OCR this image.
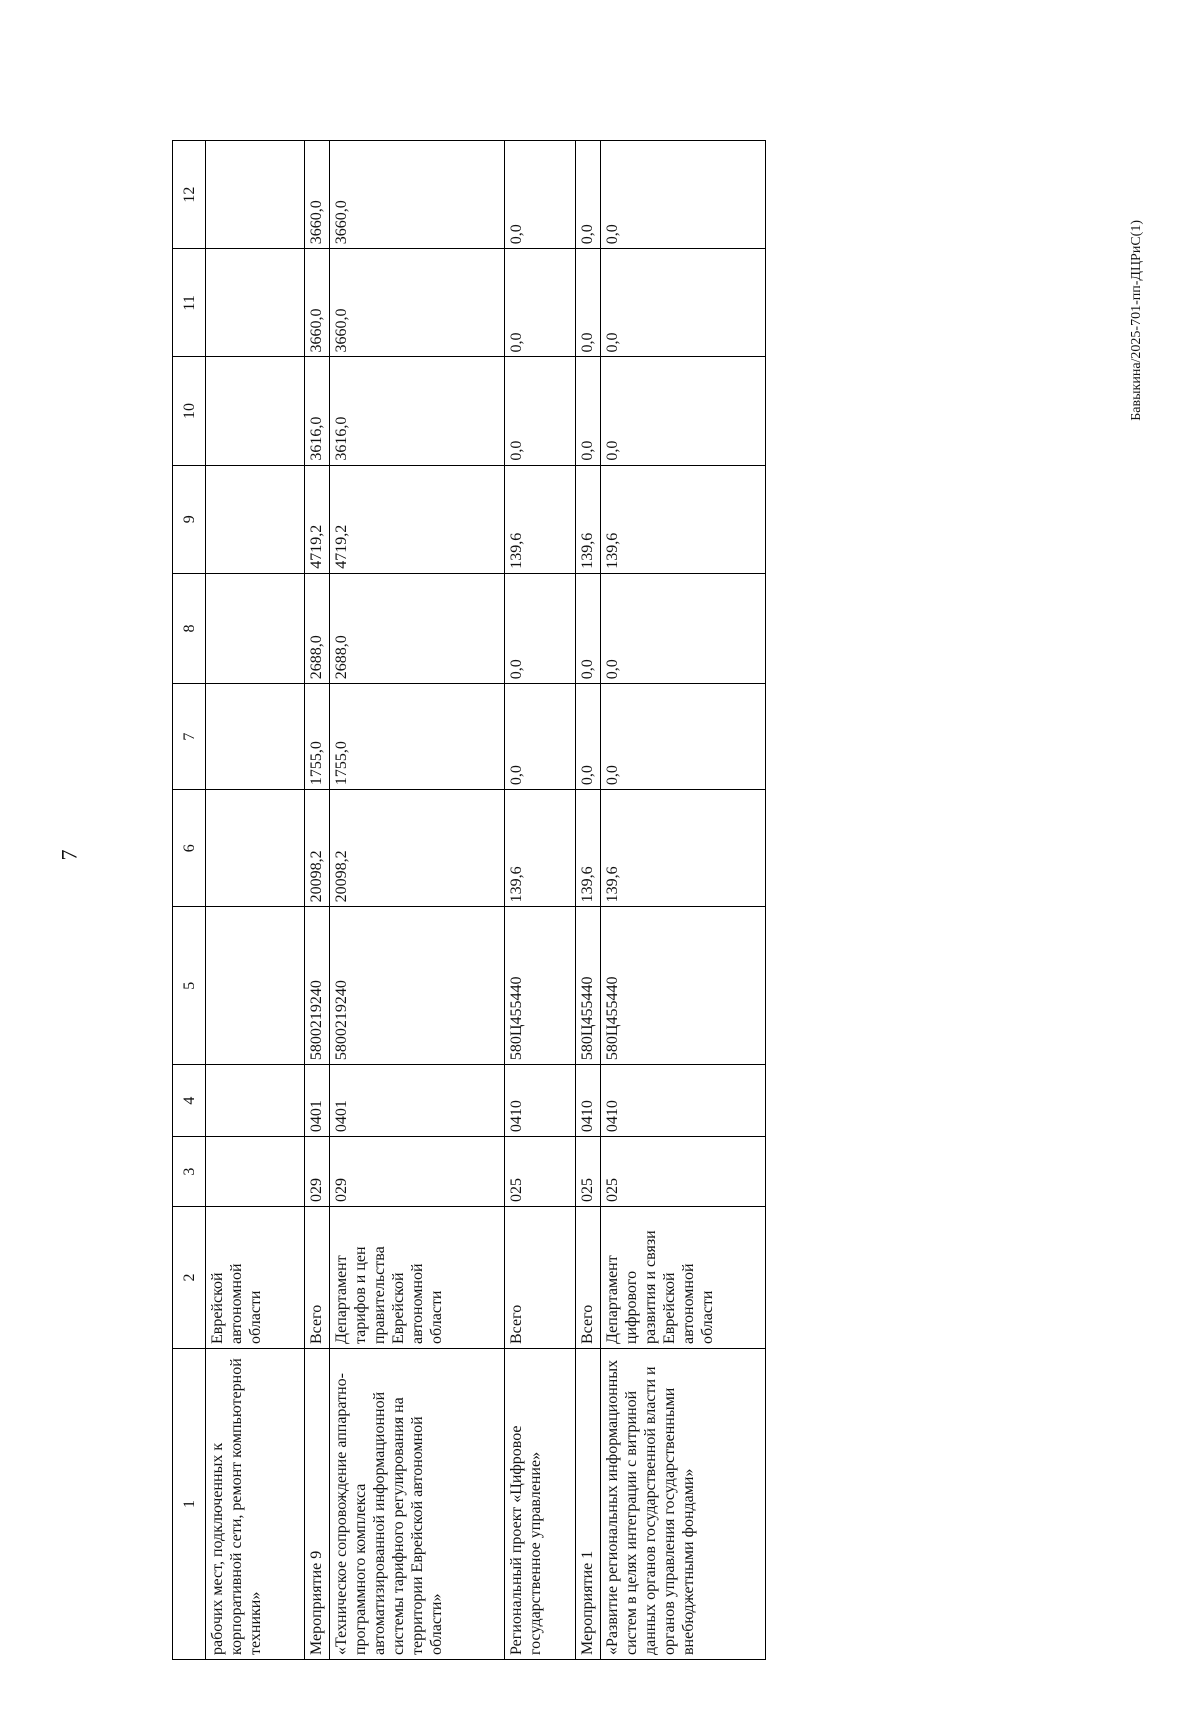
7
Бавыкина/2025-701-пп-ДЦРиС(1)
1	2	3	4	5	6	7	8	9	10	11	12
рабочих мест, подключенных к корпоративной сети, ремонт компьютерной техники»	Еврейской автономной области										
Мероприятие 9	Всего	029	0401	5800219240	20098,2	1755,0	2688,0	4719,2	3616,0	3660,0	3660,0
«Техническое сопровождение аппаратно-программного комплекса автоматизированной информационной системы тарифного регулирования на территории Еврейской автономной области»	Департамент тарифов и цен правительства Еврейской автономной области	029	0401	5800219240	20098,2	1755,0	2688,0	4719,2	3616,0	3660,0	3660,0
Региональный проект «Цифровое государственное управление»	Всего	025	0410	580Ц455440	139,6	0,0	0,0	139,6	0,0	0,0	0,0
Мероприятие 1	Всего	025	0410	580Ц455440	139,6	0,0	0,0	139,6	0,0	0,0	0,0
«Развитие региональных информационных систем в целях интеграции с витриной данных органов государственной власти и органов управления государственными внебюджетными фондами»	Департамент цифрового развития и связи Еврейской автономной области	025	0410	580Ц455440	139,6	0,0	0,0	139,6	0,0	0,0	0,0
